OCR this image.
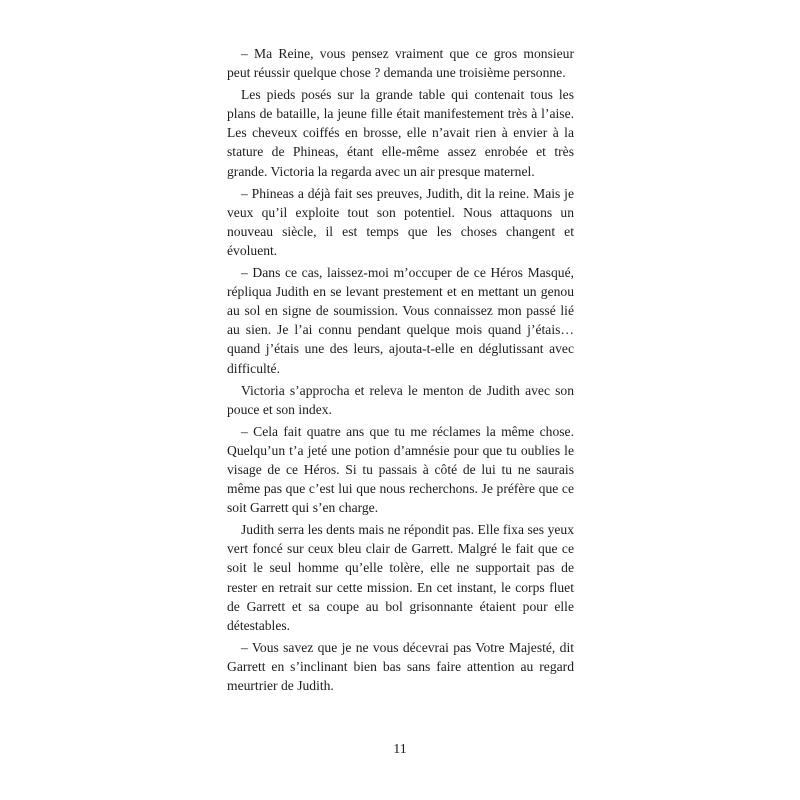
– Ma Reine, vous pensez vraiment que ce gros monsieur peut réussir quelque chose ? demanda une troisième personne.

Les pieds posés sur la grande table qui contenait tous les plans de bataille, la jeune fille était manifestement très à l’aise. Les cheveux coiffés en brosse, elle n’avait rien à envier à la stature de Phineas, étant elle-même assez enrobée et très grande. Victoria la regarda avec un air presque maternel.

– Phineas a déjà fait ses preuves, Judith, dit la reine. Mais je veux qu’il exploite tout son potentiel. Nous attaquons un nouveau siècle, il est temps que les choses changent et évoluent.

– Dans ce cas, laissez-moi m’occuper de ce Héros Masqué, répliqua Judith en se levant prestement et en mettant un genou au sol en signe de soumission. Vous connaissez mon passé lié au sien. Je l’ai connu pendant quelque mois quand j’étais… quand j’étais une des leurs, ajouta-t-elle en déglutissant avec difficulté.

Victoria s’approcha et releva le menton de Judith avec son pouce et son index.

– Cela fait quatre ans que tu me réclames la même chose. Quelqu’un t’a jeté une potion d’amnésie pour que tu oublies le visage de ce Héros. Si tu passais à côté de lui tu ne saurais même pas que c’est lui que nous recherchons. Je préfère que ce soit Garrett qui s’en charge.

Judith serra les dents mais ne répondit pas. Elle fixa ses yeux vert foncé sur ceux bleu clair de Garrett. Malgré le fait que ce soit le seul homme qu’elle tolère, elle ne supportait pas de rester en retrait sur cette mission. En cet instant, le corps fluet de Garrett et sa coupe au bol grisonnante étaient pour elle détestables.

– Vous savez que je ne vous décevrai pas Votre Majesté, dit Garrett en s’inclinant bien bas sans faire attention au regard meurtrier de Judith.

11
